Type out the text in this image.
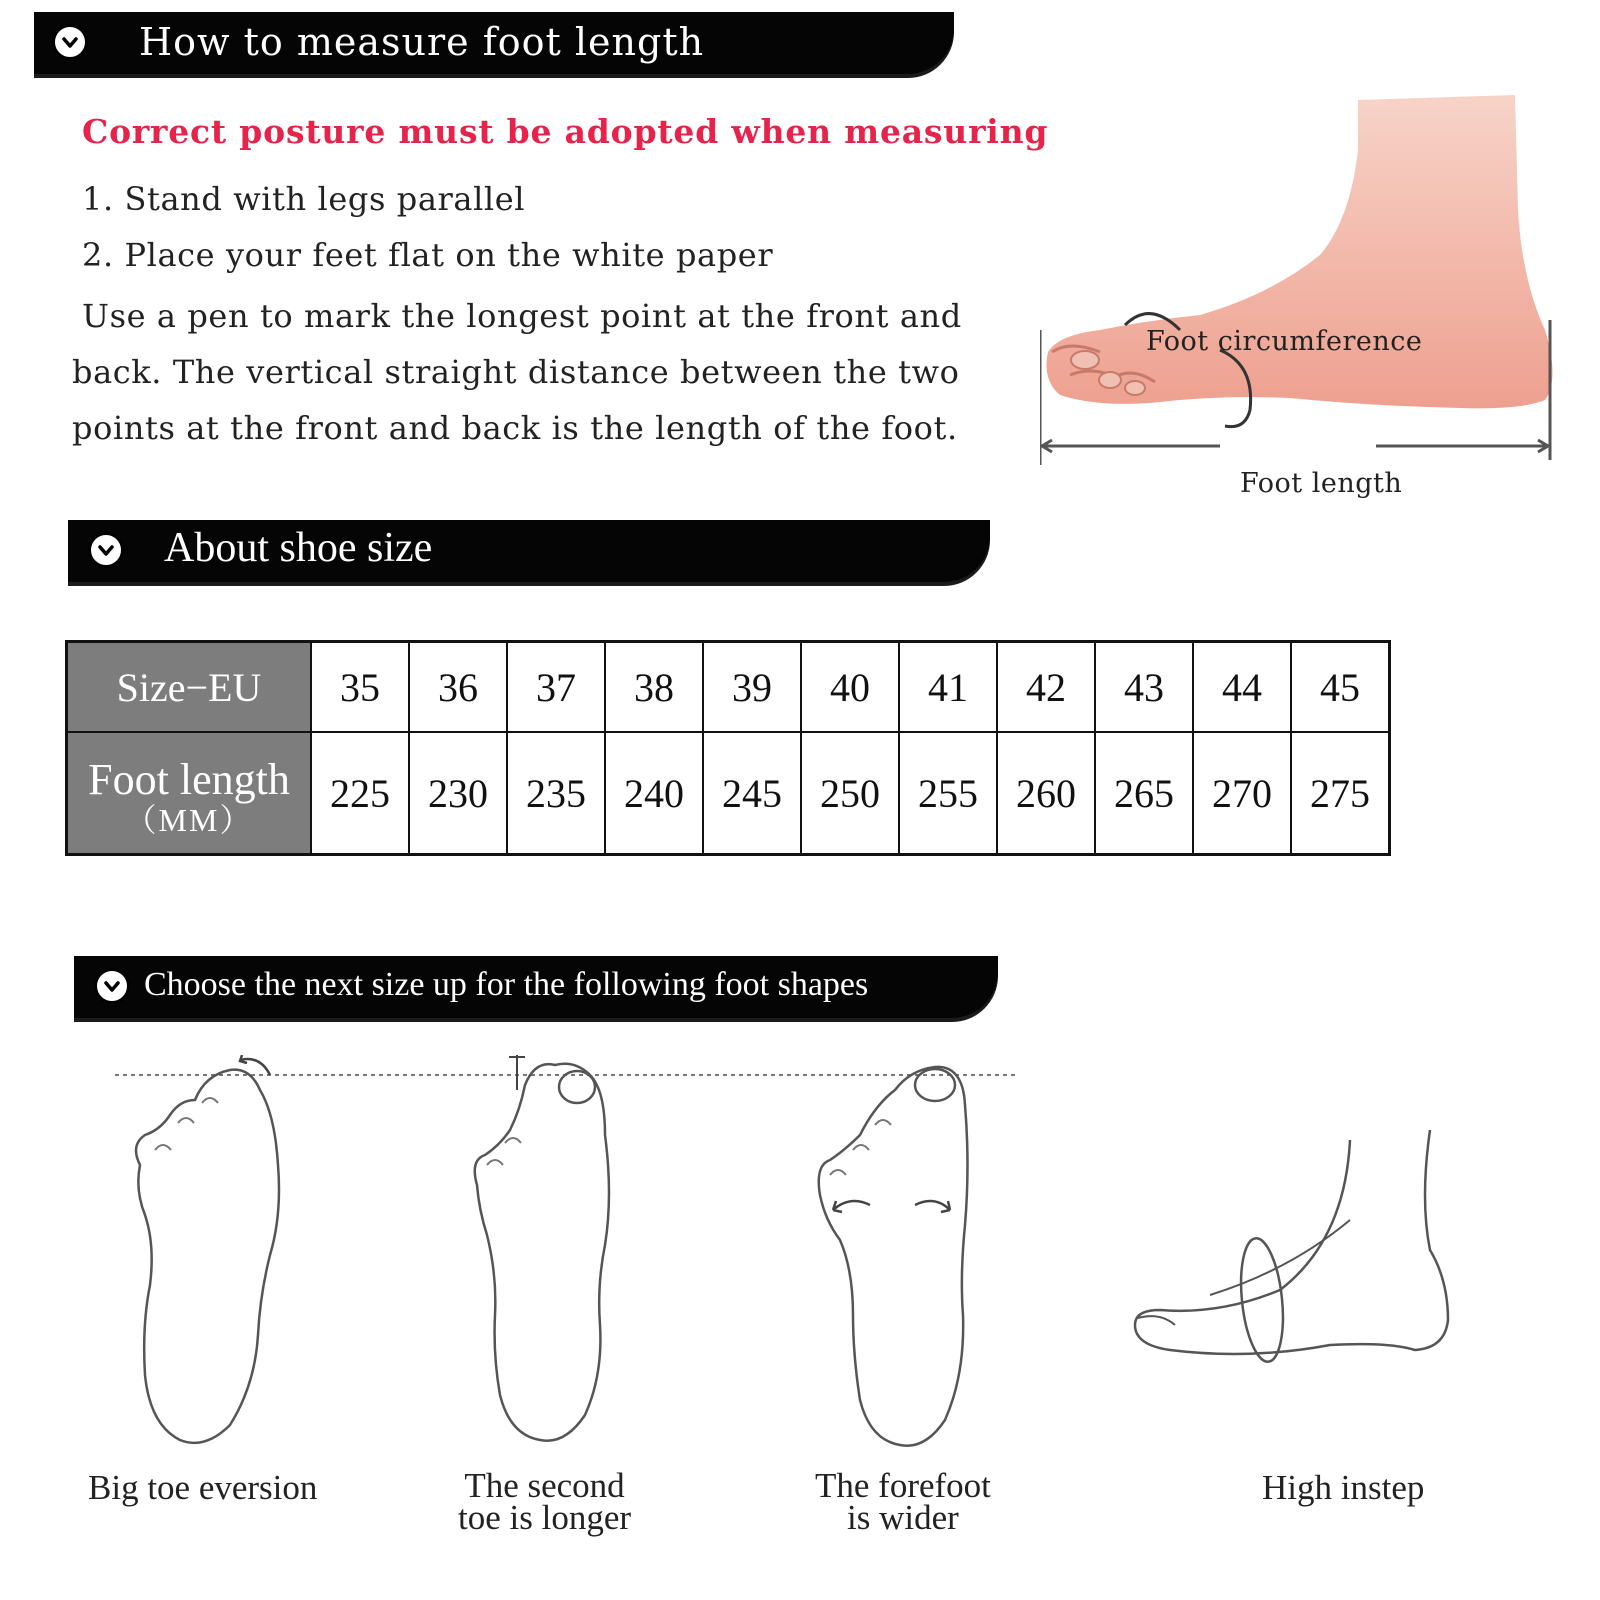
How to measure foot length
Correct posture must be adopted when measuring
1. Stand with legs parallel
2. Place your feet flat on the white paper
Use a pen to mark the longest point at the front and back. The vertical straight distance between the two points at the front and back is the length of the foot.
Foot circumference
Foot length
About shoe size
Size−EU	35	36	37	38	39	40	41	42	43	44	45

Foot length
（MM）	225	230	235	240	245	250	255	260	265	270	275
Choose the next size up for the following foot shapes
Big toe eversion	The second
toe is longer
The forefoot
is wider
High instep
